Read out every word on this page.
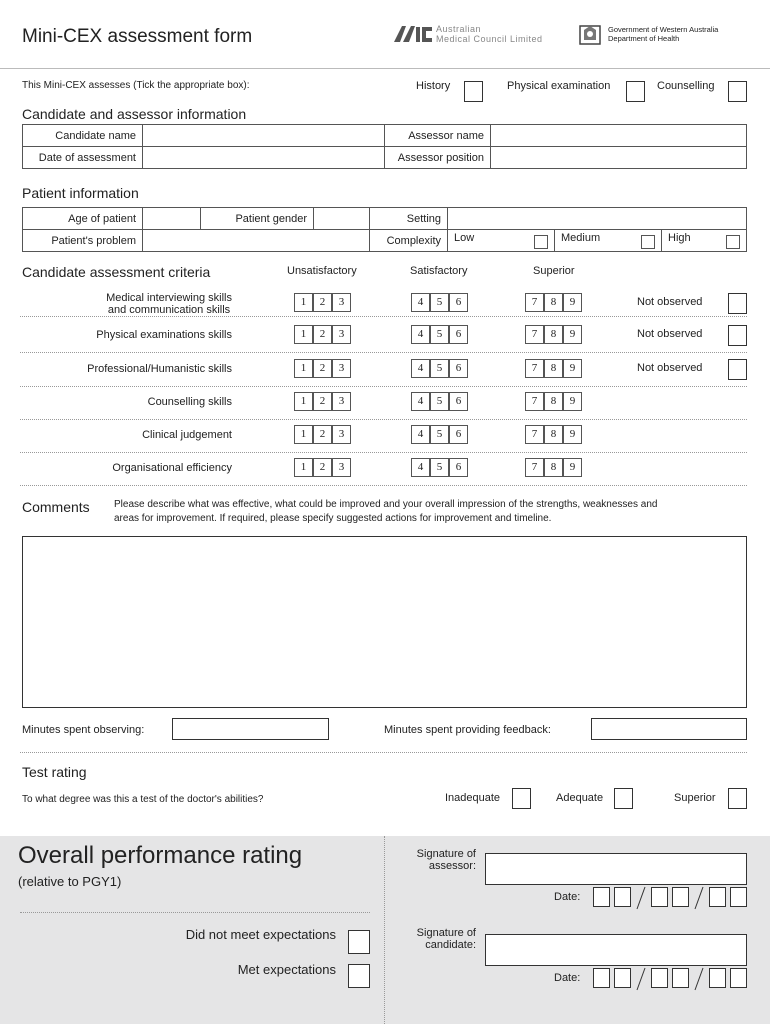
Mini-CEX assessment form	Australian
Medical Council Limited
Government of Western Australia
Department of Health
This Mini-CEX assesses (Tick the appropriate box):	History	Physical examination	Counselling
Candidate and assessor information
Candidate name		Assessor name	
Date of assessment		Assessor position	
Patient information
Age of patient		Patient gender		Setting			
Patient's problem				Complexity	Low	Medium	High
Candidate assessment criteria	Unsatisfactory	Satisfactory	Superior
Medical interviewing skills
and communication skills
1	2	3	4	5	6	7	8	9	Not observed
Physical examinations skills	1	2	3	4	5	6	7	8	9	Not observed
Professional/Humanistic skills	1	2	3	4	5	6	7	8	9	Not observed
Counselling skills	1	2	3	4	5	6	7	8	9
Clinical judgement	1	2	3	4	5	6	7	8	9
Organisational efficiency	1	2	3	4	5	6	7	8	9
Comments Please describe what was effective, what could be improved and your overall impression of the strengths, weaknesses and
areas for improvement. If required, please specify suggested actions for improvement and timeline.
Minutes spent observing:	Minutes spent providing feedback:
Test rating
To what degree was this a test of the doctor's abilities?	Inadequate	Adequate	Superior
Overall performance rating
(relative to PGY1)
Did not meet expectations
Met expectations
Signature of
assessor:
Date:
Signature of
candidate:
Date:
